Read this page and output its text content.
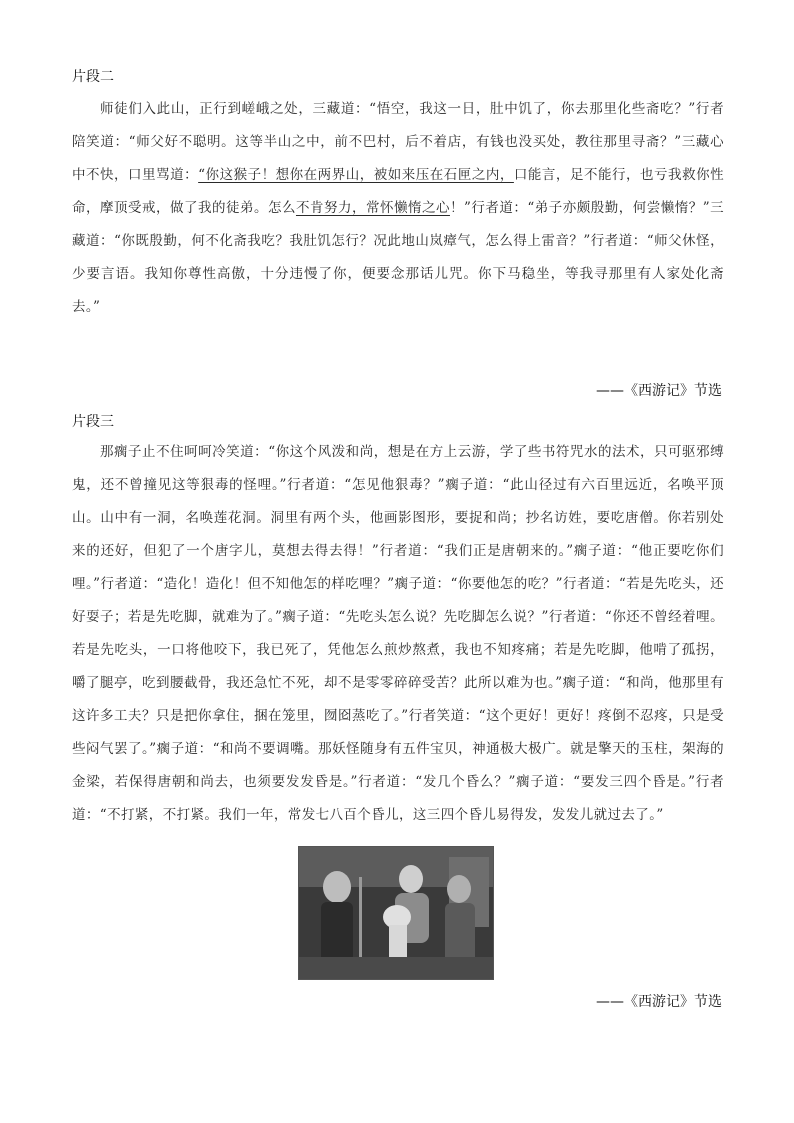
片段二

师徒们入此山，正行到嵯峨之处，三藏道：“悟空，我这一日，肚中饥了，你去那里化些斋吃？”行者陪笑道：“师父好不聪明。这等半山之中，前不巴村，后不着店，有钱也没买处，教往那里寻斋？”三藏心中不快，口里骂道：“你这猴子！想你在两界山，被如来压在石匣之内，口能言，足不能行，也亏我救你性命，摩顶受戒，做了我的徒弟。怎么不肯努力，常怀懒惰之心！”行者道：“弟子亦颇殷勤，何尝懒惰？”三藏道：“你既殷勤，何不化斋我吃？我肚饥怎行？况此地山岚瘴气，怎么得上雷音？”行者道：“师父休怪，少要言语。我知你尊性高傲，十分违慢了你，便要念那话儿咒。你下马稳坐，等我寻那里有人家处化斋去。”

——《西游记》节选
片段三

那瘸子止不住呵呵冷笑道：“你这个风泼和尚，想是在方上云游，学了些书符咒水的法术，只可驱邪缚鬼，还不曾撞见这等狠毒的怪哩。”行者道：“怎见他狠毒？”瘸子道：“此山径过有六百里远近，名唤平顶山。山中有一洞，名唤莲花洞。洞里有两个头，他画影图形，要捉和尚；抄名访姓，要吃唐僧。你若别处来的还好，但犯了一个唐字儿，莫想去得去得！”行者道：“我们正是唐朝来的。”瘸子道：“他正要吃你们哩。”行者道：“造化！造化！但不知他怎的样吃哩？”瘸子道：“你要他怎的吃？”行者道：“若是先吃头，还好耍子；若是先吃脚，就难为了。”瘸子道：“先吃头怎么说？先吃脚怎么说？”行者道：“你还不曾经着哩。若是先吃头，一口将他咬下，我已死了，凭他怎么煎炒熬煮，我也不知疼痛；若是先吃脚，他啃了孤拐，嚼了腿亭，吃到腰截骨，我还急忙不死，却不是零零碎碎受苦？此所以难为也。”瘸子道：“和尚，他那里有这许多工夫？只是把你拿住，捆在笼里，囫囵蒸吃了。”行者笑道：“这个更好！更好！疼倒不忍疼，只是受些闷气罢了。”瘸子道：“和尚不要调嘴。那妖怪随身有五件宝贝，神通极大极广。就是擎天的玉柱，架海的金梁，若保得唐朝和尚去，也须要发发昏是。”行者道：“发几个昏么？”瘸子道：“要发三四个昏是。”行者道：“不打紧，不打紧。我们一年，常发七八百个昏儿，这三四个昏儿易得发，发发儿就过去了。”

——《西游记》节选
